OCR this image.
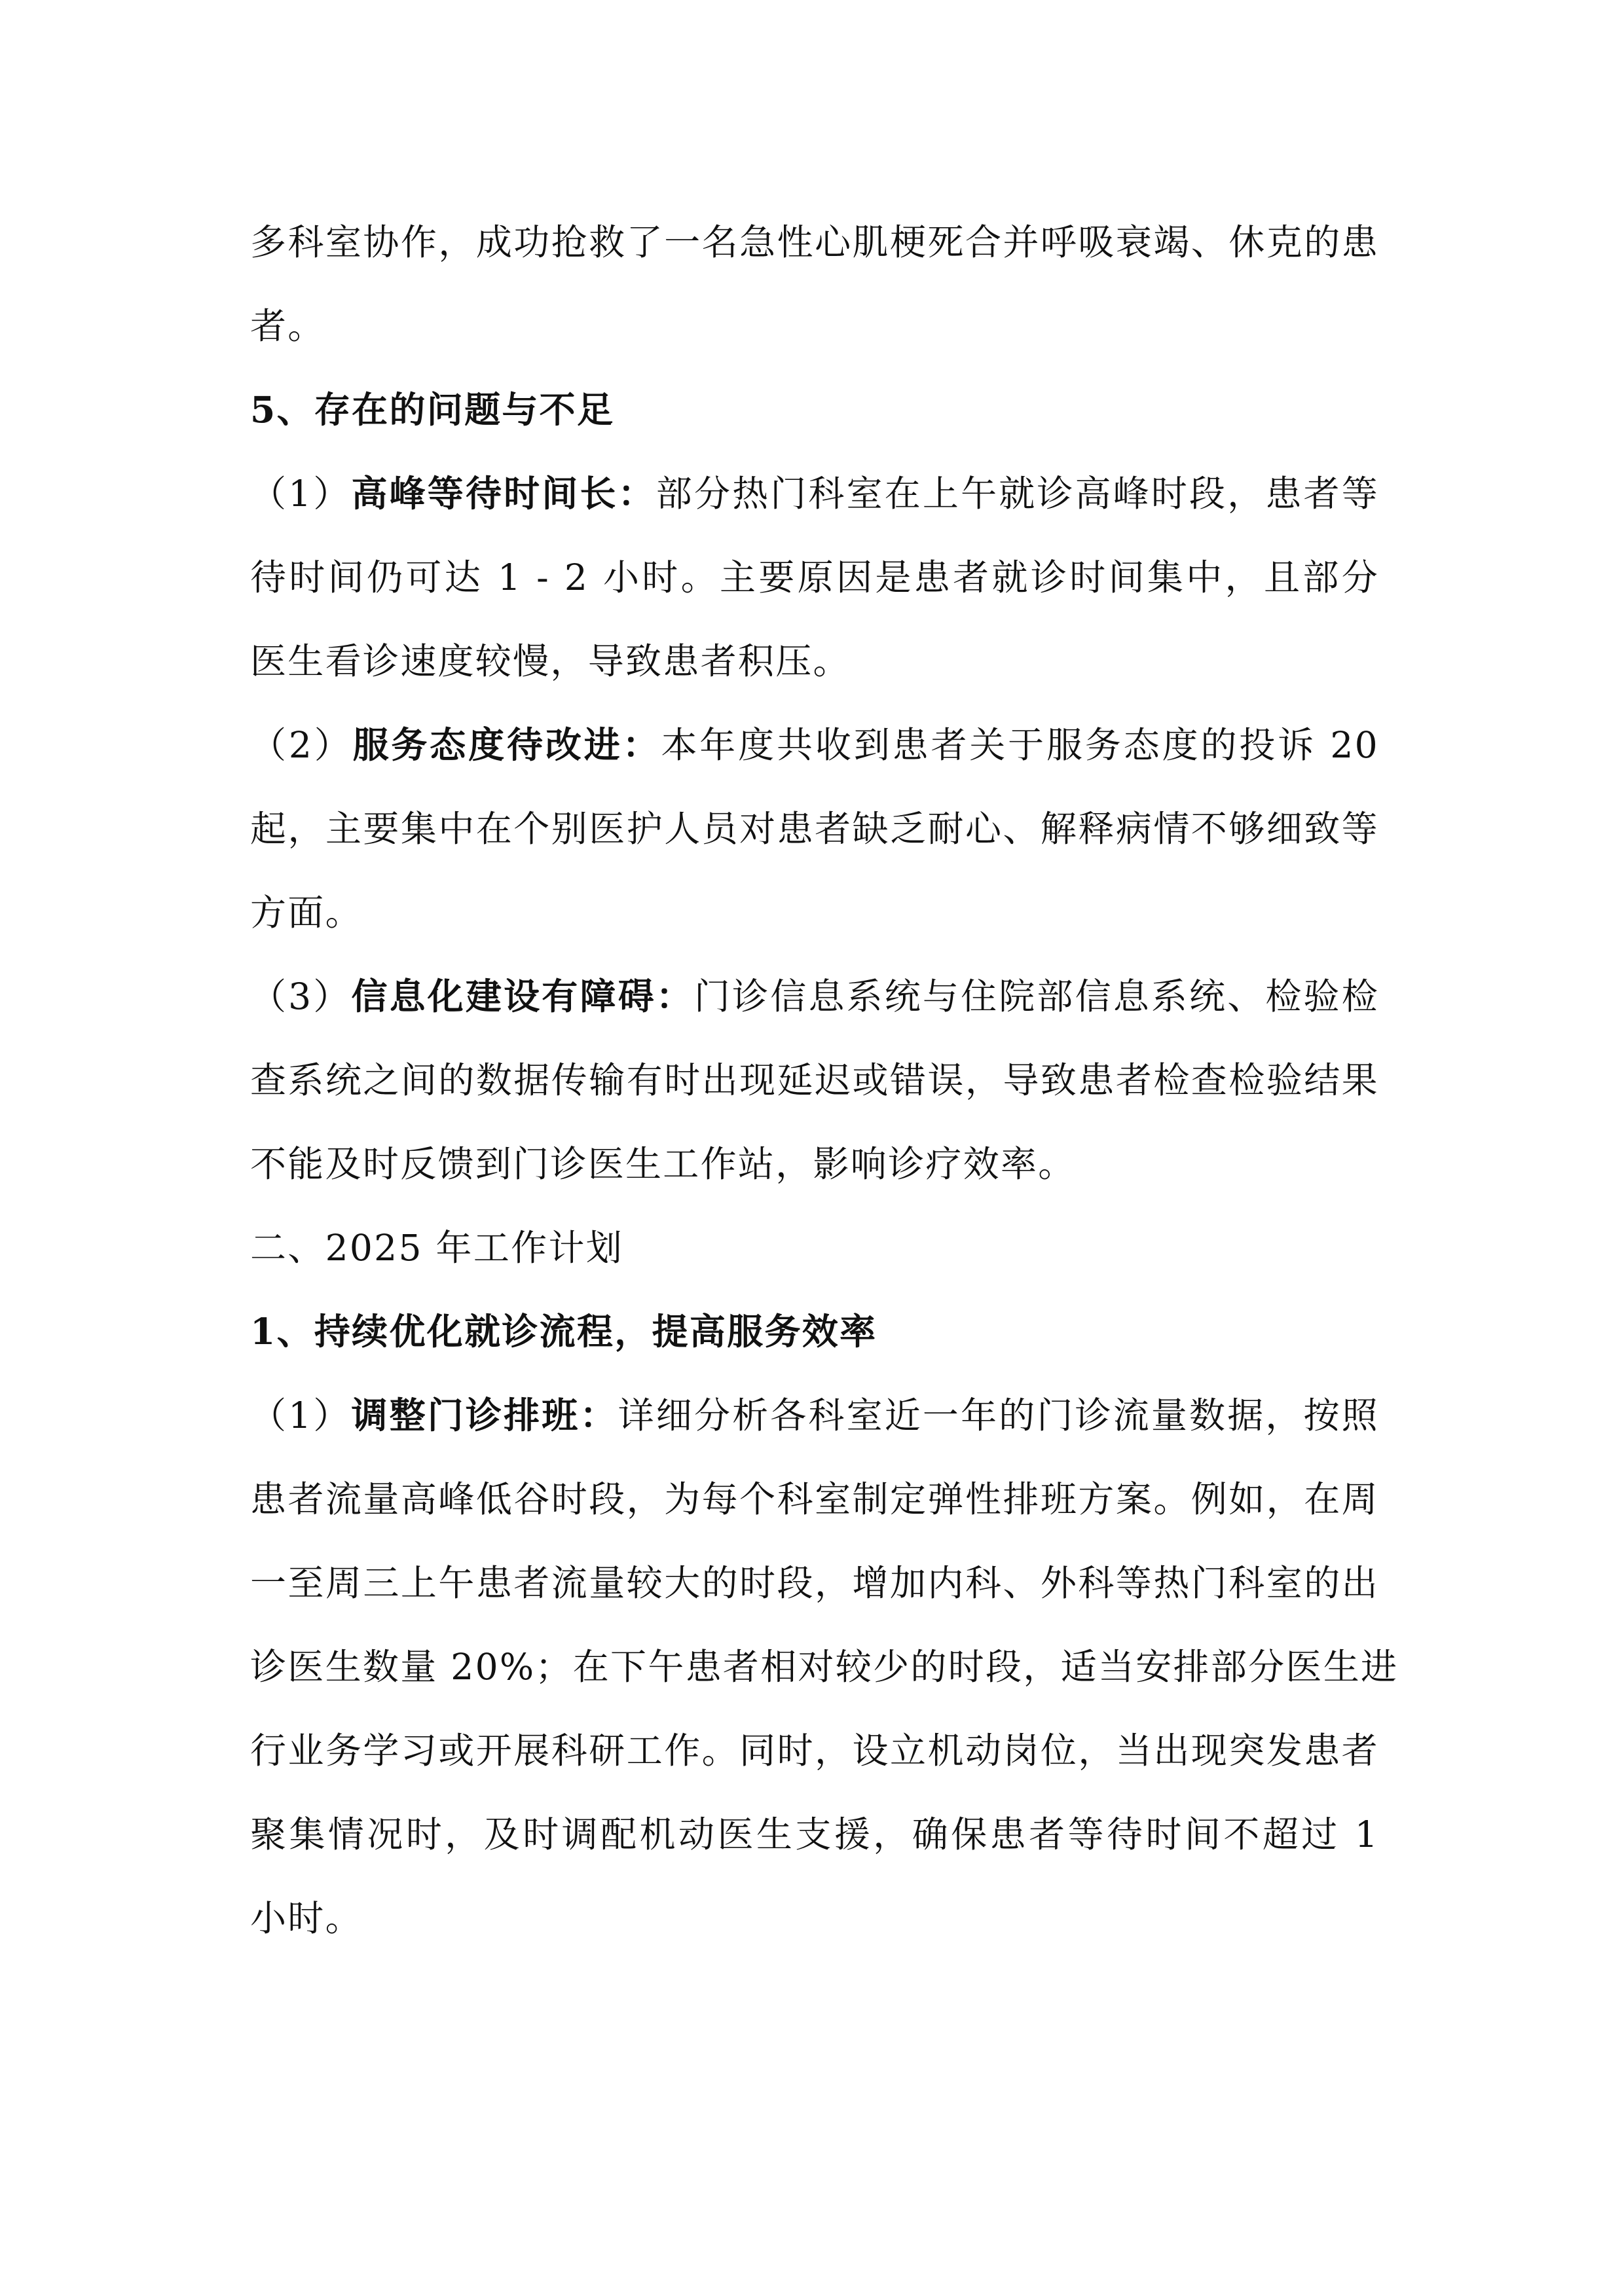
多科室协作，成功抢救了一名急性心肌梗死合并呼吸衰竭、休克的患
者。
5、存在的问题与不足
（1）高峰等待时间长：部分热门科室在上午就诊高峰时段，患者等
待时间仍可达 1 - 2 小时。主要原因是患者就诊时间集中，且部分
医生看诊速度较慢，导致患者积压。
（2）服务态度待改进：本年度共收到患者关于服务态度的投诉 20
起，主要集中在个别医护人员对患者缺乏耐心、解释病情不够细致等
方面。
（3）信息化建设有障碍：门诊信息系统与住院部信息系统、检验检
查系统之间的数据传输有时出现延迟或错误，导致患者检查检验结果
不能及时反馈到门诊医生工作站，影响诊疗效率。
二、2025 年工作计划
1、持续优化就诊流程，提高服务效率
（1）调整门诊排班：详细分析各科室近一年的门诊流量数据，按照
患者流量高峰低谷时段，为每个科室制定弹性排班方案。例如，在周
一至周三上午患者流量较大的时段，增加内科、外科等热门科室的出
诊医生数量 20%；在下午患者相对较少的时段，适当安排部分医生进
行业务学习或开展科研工作。同时，设立机动岗位，当出现突发患者
聚集情况时，及时调配机动医生支援，确保患者等待时间不超过 1
小时。
